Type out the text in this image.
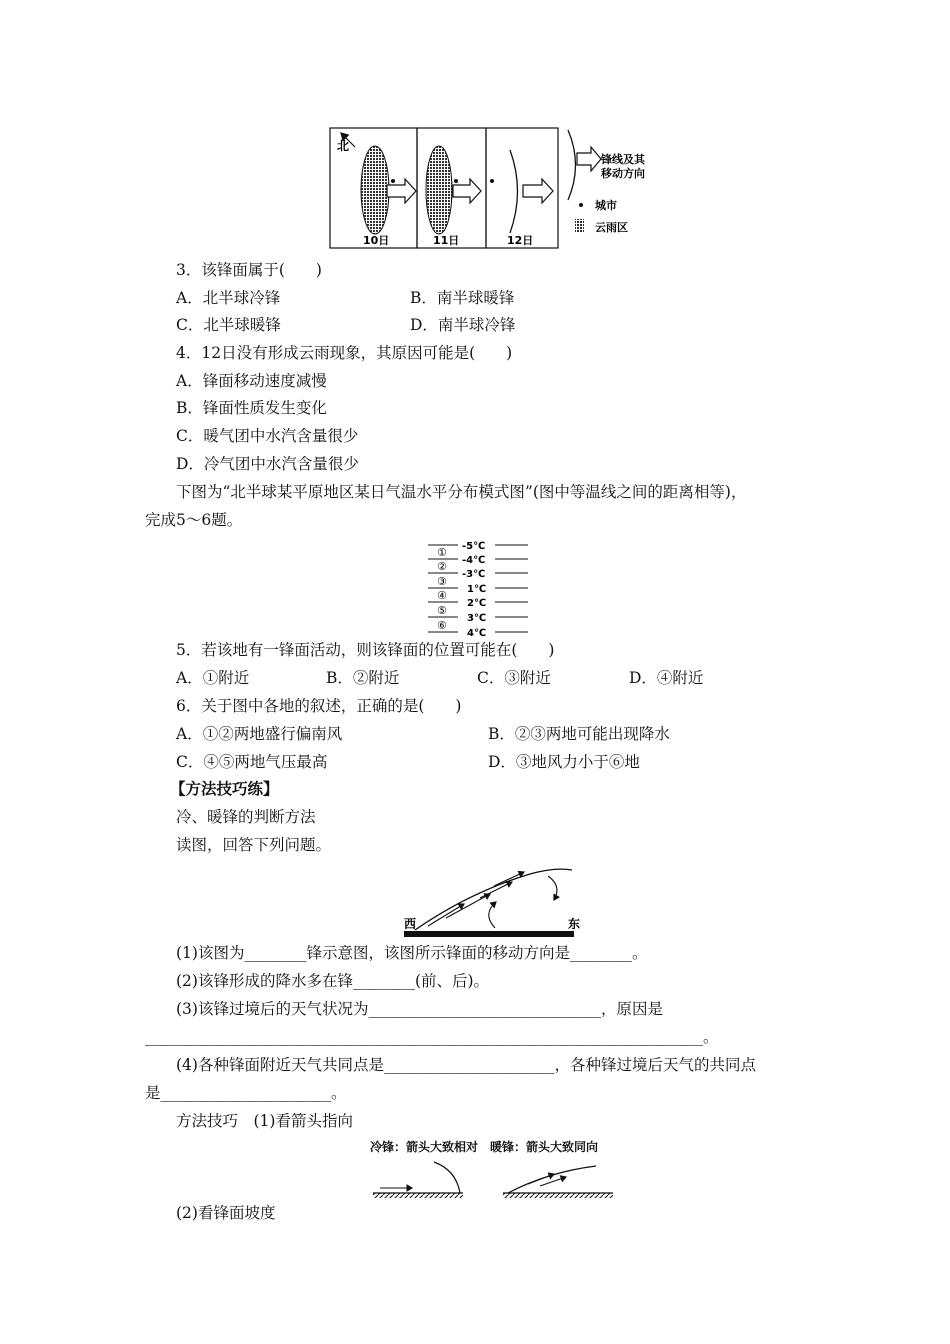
北
10日	11日	12日
锋线及其
移动方向
城市
云雨区
3．该锋面属于(　　)
A．北半球冷锋	B．南半球暖锋
C．北半球暖锋	D．南半球冷锋
4．12日没有形成云雨现象，其原因可能是(　　)
A．锋面移动速度减慢
B．锋面性质发生变化
C．暖气团中水汽含量很少
D．冷气团中水汽含量很少
下图为“北半球某平原地区某日气温水平分布模式图”(图中等温线之间的距离相等)，
完成5～6题。
-5℃
-4℃
-3℃
1℃
2℃
3℃
4℃
①
②
③
④
⑤
⑥
5．若该地有一锋面活动，则该锋面的位置可能在(　　)
A．①附近	B．②附近	C．③附近	D．④附近
6．关于图中各地的叙述，正确的是(　　)
A．①②两地盛行偏南风	B．②③两地可能出现降水
C．④⑤两地气压最高	D．③地风力小于⑥地
【方法技巧练】
冷、暖锋的判断方法
读图，回答下列问题。
西	东
(1)该图为________锋示意图，该图所示锋面的移动方向是________。
(2)该锋形成的降水多在锋________(前、后)。
(3)该锋过境后的天气状况为______________________________，原因是
________________________________________________________________________。
(4)各种锋面附近天气共同点是______________________，各种锋过境后天气的共同点
是______________________。
方法技巧　(1)看箭头指向
冷锋：箭头大致相对　暖锋：箭头大致同向
(2)看锋面坡度
